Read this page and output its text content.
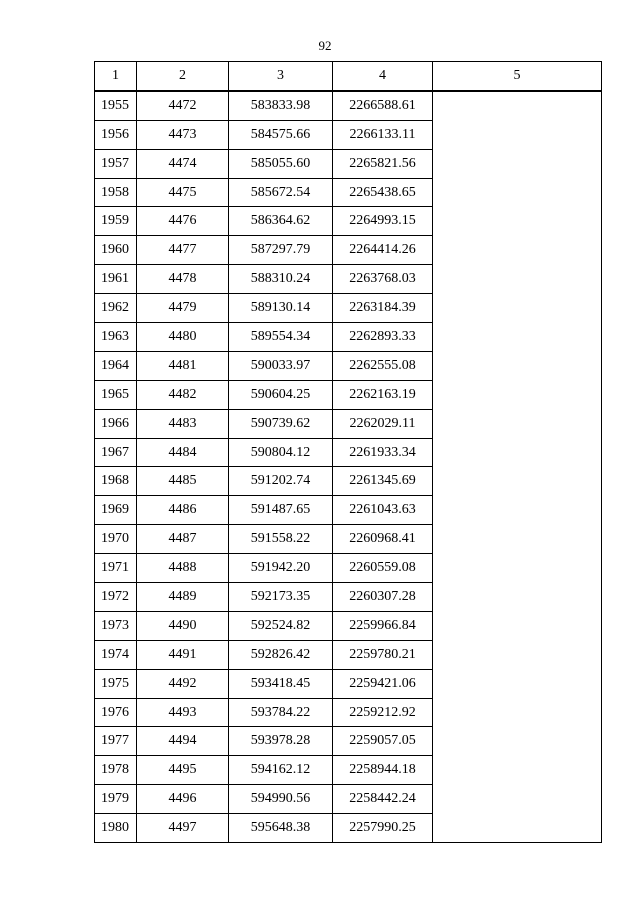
92
1	2	3	4	5
1955	4472	583833.98	2266588.61	
1956	4473	584575.66	2266133.11	
1957	4474	585055.60	2265821.56	
1958	4475	585672.54	2265438.65	
1959	4476	586364.62	2264993.15	
1960	4477	587297.79	2264414.26	
1961	4478	588310.24	2263768.03	
1962	4479	589130.14	2263184.39	
1963	4480	589554.34	2262893.33	
1964	4481	590033.97	2262555.08	
1965	4482	590604.25	2262163.19	
1966	4483	590739.62	2262029.11	
1967	4484	590804.12	2261933.34	
1968	4485	591202.74	2261345.69	
1969	4486	591487.65	2261043.63	
1970	4487	591558.22	2260968.41	
1971	4488	591942.20	2260559.08	
1972	4489	592173.35	2260307.28	
1973	4490	592524.82	2259966.84	
1974	4491	592826.42	2259780.21	
1975	4492	593418.45	2259421.06	
1976	4493	593784.22	2259212.92	
1977	4494	593978.28	2259057.05	
1978	4495	594162.12	2258944.18	
1979	4496	594990.56	2258442.24	
1980	4497	595648.38	2257990.25	
